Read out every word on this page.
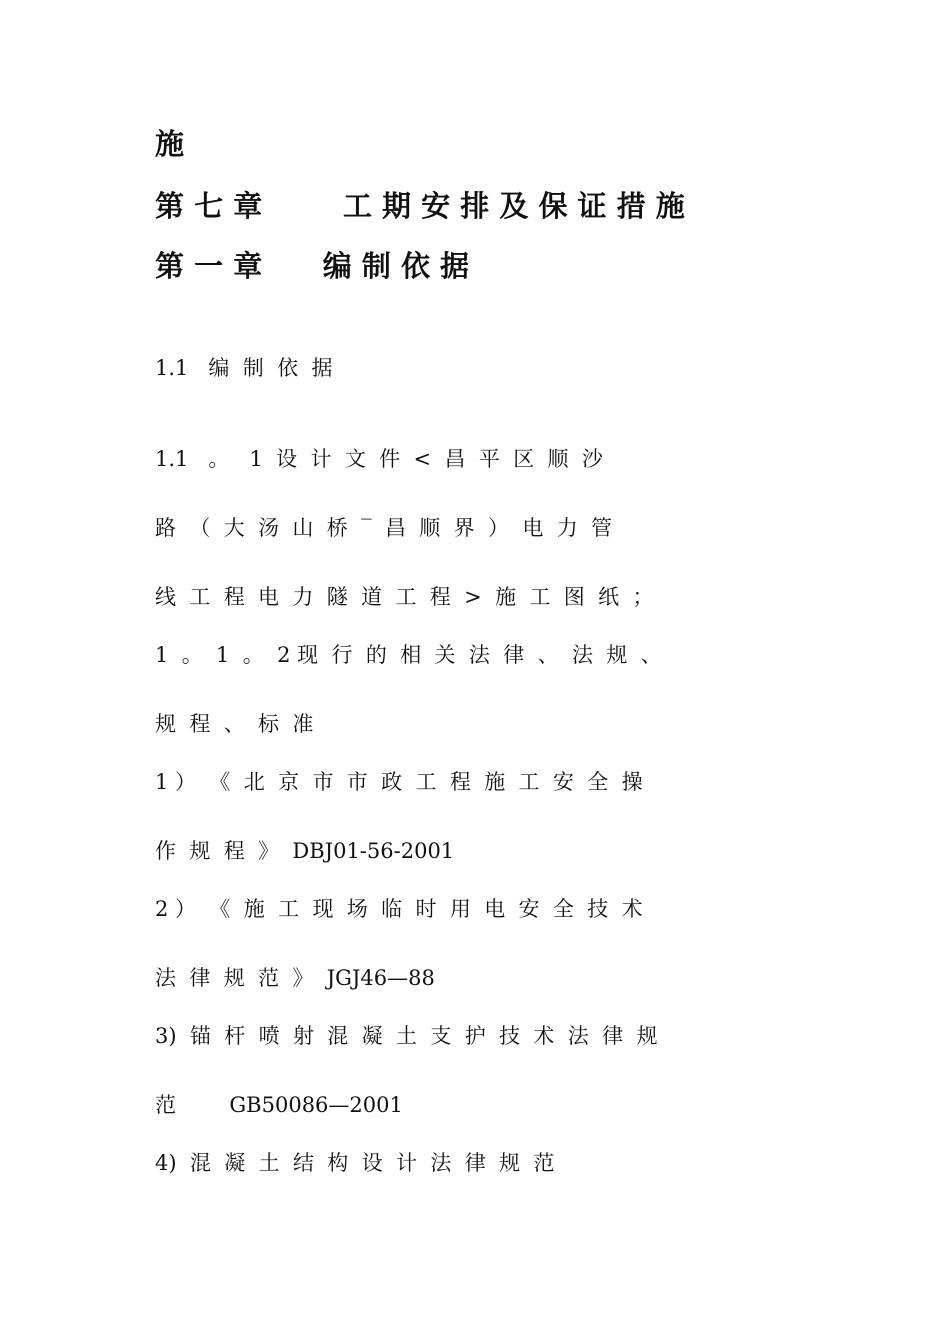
施
第 七 章        工 期 安 排 及 保 证 措 施
第 一 章      编 制 依 据
1.1   编  制  依  据
1.1   。   1  设  计  文  件  <  昌  平  区  顺  沙
路  （  大  汤  山  桥  ‾  昌  顺  界  ）  电  力  管
线  工  程  电  力  隧  道  工  程  >  施  工  图  纸  ；
1  。  1  。  2 现  行  的  相  关  法  律  、  法  规  、
规  程  、  标  准
1 ）  《  北  京  市  市  政  工  程  施  工  安  全  操
作  规  程  》  DBJ01-56-2001
2 ）  《  施  工  现  场  临  时  用  电  安  全  技  术
法  律  规  范  》  JGJ46—88
3)  锚  杆  喷  射  混  凝  土  支  护  技  术  法  律  规
范        GB50086—2001
4)  混  凝  土  结  构  设  计  法  律  规  范
